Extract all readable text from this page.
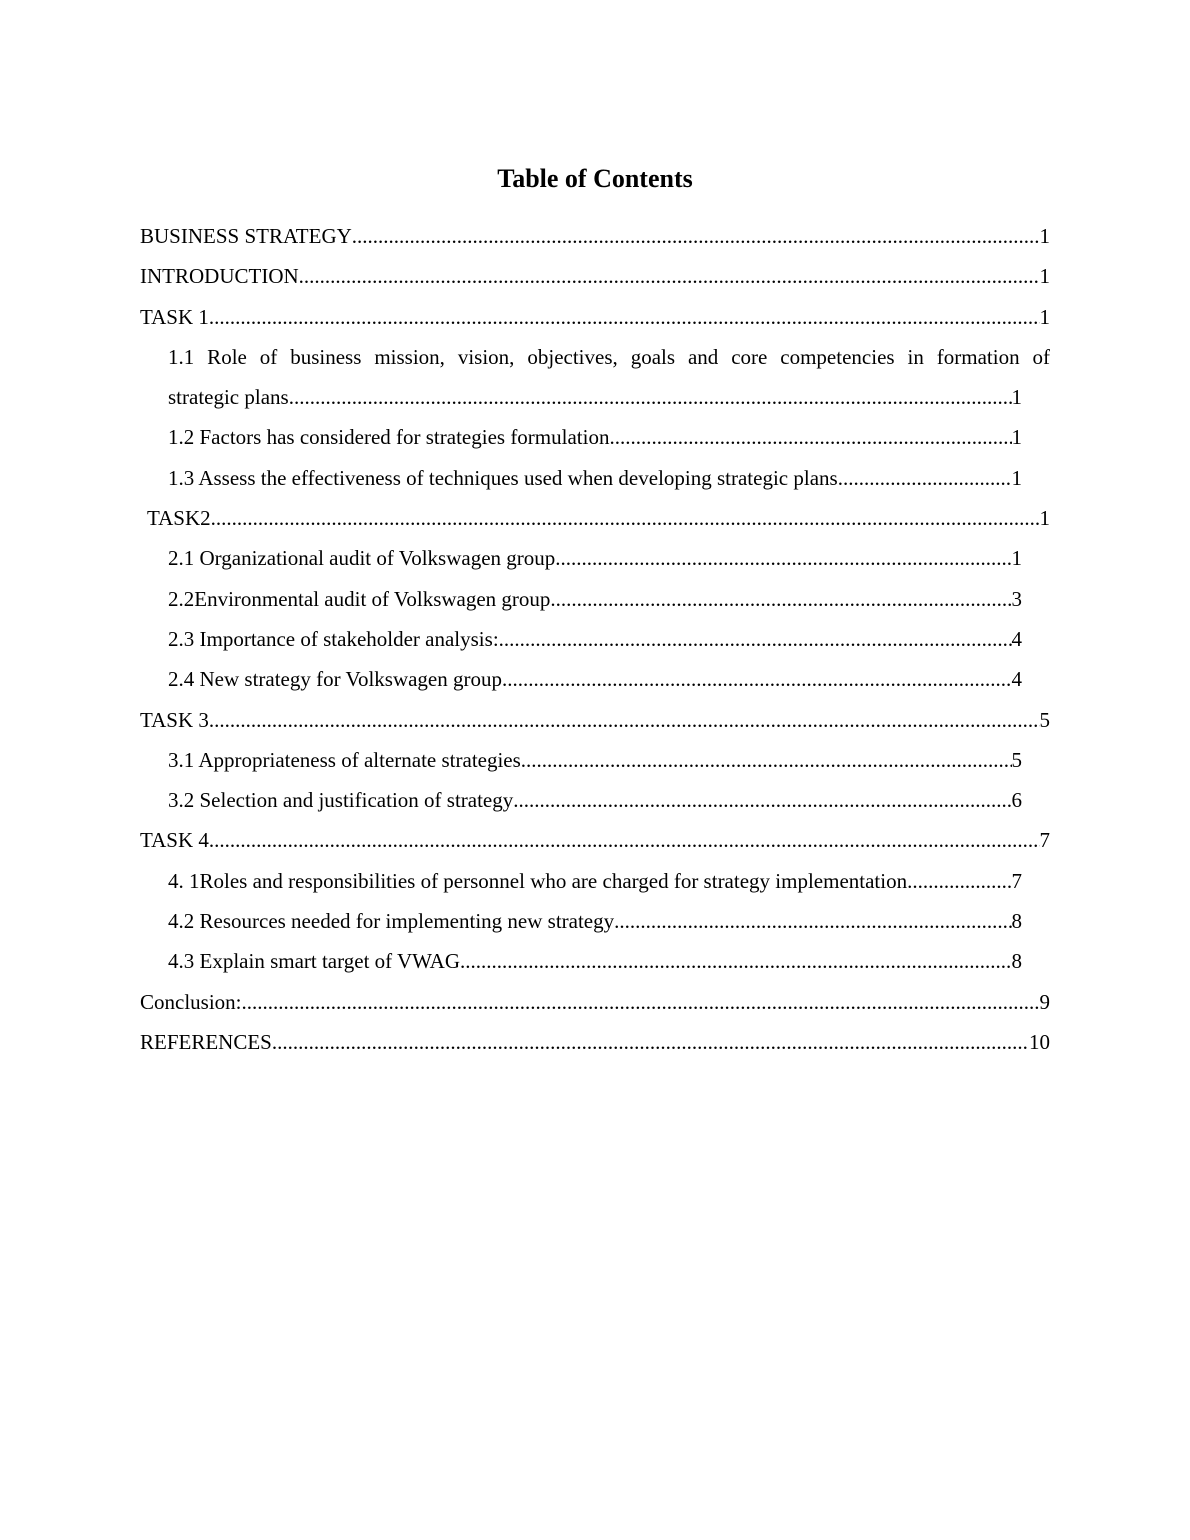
Table of Contents
BUSINESS STRATEGY .....	1
INTRODUCTION .....	1
TASK 1 .....	1
1.1 Role of business mission, vision, objectives, goals and core competencies in formation of
strategic plans .....	1
1.2 Factors has considered for strategies formulation .....	1
1.3 Assess the effectiveness of techniques used when developing strategic plans .....	1
TASK2 .....	1
2.1 Organizational audit of Volkswagen group .....	1
2.2Environmental audit of Volkswagen group .....	3
2.3 Importance of stakeholder analysis: .....	4
2.4 New strategy for Volkswagen group .....	4
TASK 3 .....	5
3.1 Appropriateness of alternate strategies .....	5
3.2 Selection and justification of strategy .....	6
TASK 4 .....	7
4. 1Roles and responsibilities of personnel who are charged for strategy implementation.. .....	7
4.2 Resources needed for implementing new strategy .....	8
4.3 Explain smart target of VWAG .....	8
Conclusion: .....	9
REFERENCES .....	10
